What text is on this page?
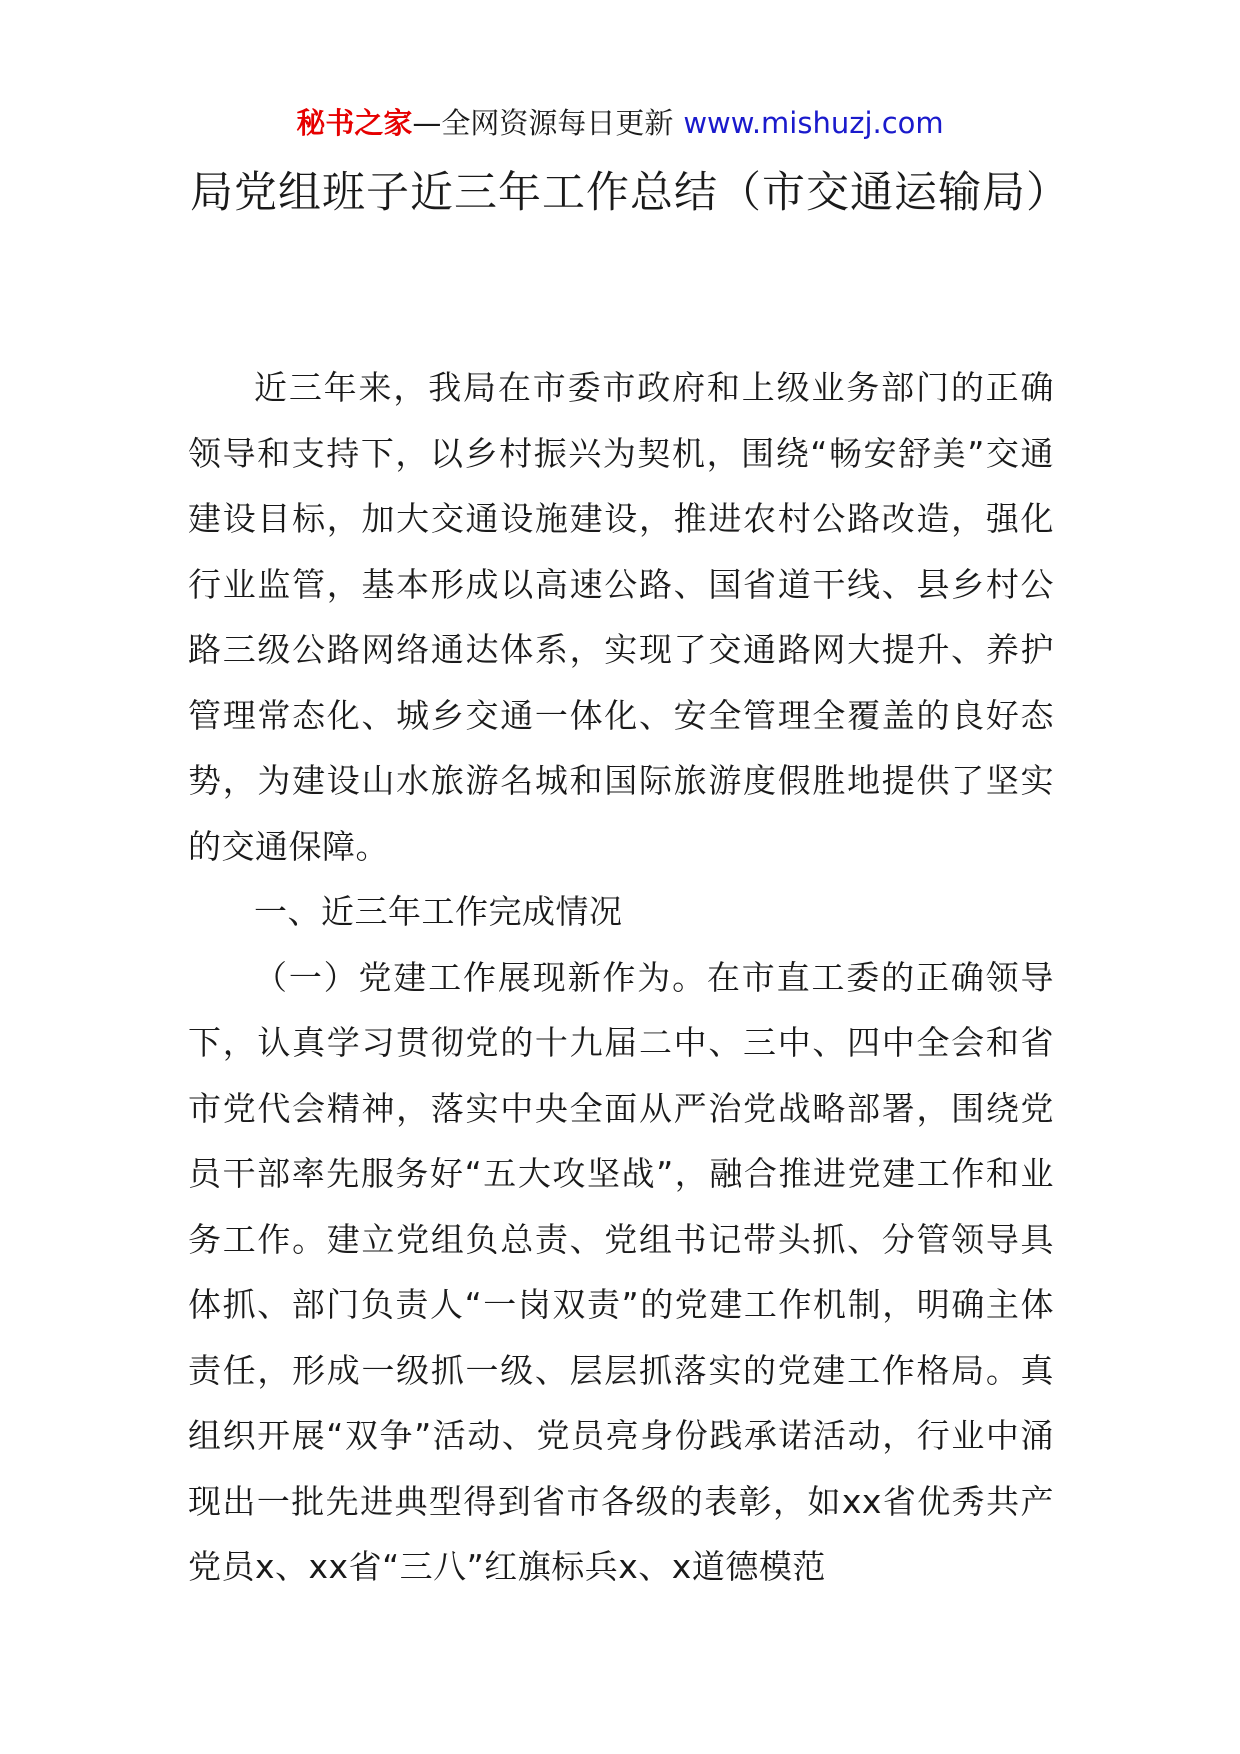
秘书之家—全网资源每日更新 www.mishuzj.com
局党组班子近三年工作总结（市交通运输局）

近三年来，我局在市委市政府和上级业务部门的正确领导和支持下，以乡村振兴为契机，围绕“畅安舒美”交通建设目标，加大交通设施建设，推进农村公路改造，强化行业监管，基本形成以高速公路、国省道干线、县乡村公路三级公路网络通达体系，实现了交通路网大提升、养护管理常态化、城乡交通一体化、安全管理全覆盖的良好态势，为建设山水旅游名城和国际旅游度假胜地提供了坚实的交通保障。

一、近三年工作完成情况

（一）党建工作展现新作为。在市直工委的正确领导下，认真学习贯彻党的十九届二中、三中、四中全会和省市党代会精神，落实中央全面从严治党战略部署，围绕党员干部率先服务好“五大攻坚战”，融合推进党建工作和业务工作。建立党组负总责、党组书记带头抓、分管领导具体抓、部门负责人“一岗双责”的党建工作机制，明确主体责任，形成一级抓一级、层层抓落实的党建工作格局。真组织开展“双争”活动、党员亮身份践承诺活动，行业中涌现出一批先进典型得到省市各级的表彰，如xx省优秀共产党员x、xx省“三八”红旗标兵x、x道德模范
